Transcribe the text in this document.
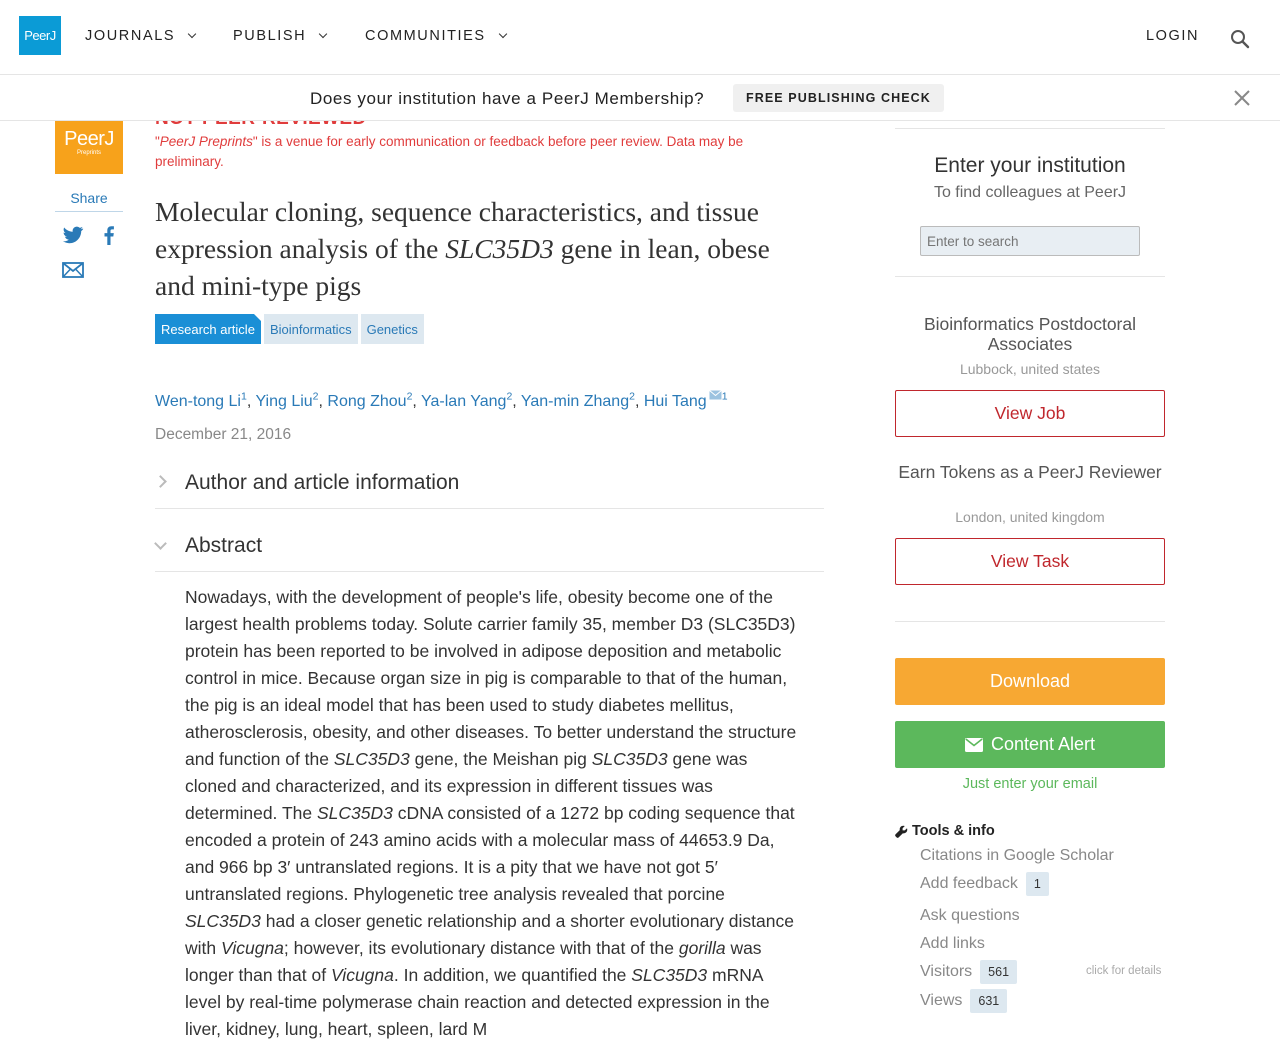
PeerJ	JOURNALS	PUBLISH	COMMUNITIES	LOGIN
Does your institution have a PeerJ Membership?	FREE PUBLISHING CHECK
PeerJ
Preprints
Share
"PeerJ Preprints" is a venue for early communication or feedback before peer review. Data may be preliminary.
Molecular cloning, sequence characteristics, and tissue expression analysis of the SLC35D3 gene in lean, obese and mini-type pigs
Research article	Bioinformatics	Genetics
Wen-tong Li$^1$, Ying Liu$^2$, Rong Zhou$^2$, Ya-lan Yang$^2$, Yan-min Zhang$^2$, Hui Tang $^1$
December 21, 2016
Author and article information
Abstract
Nowadays, with the development of people's life, obesity become one of the largest health problems today. Solute carrier family 35, member D3 (SLC35D3) protein has been reported to be involved in adipose deposition and metabolic control in mice. Because organ size in pig is comparable to that of the human, the pig is an ideal model that has been used to study diabetes mellitus, atherosclerosis, obesity, and other diseases. To better understand the structure and function of the SLC35D3 gene, the Meishan pig SLC35D3 gene was cloned and characterized, and its expression in different tissues was determined. The SLC35D3 cDNA consisted of a 1272 bp coding sequence that encoded a protein of 243 amino acids with a molecular mass of 44653.9 Da, and 966 bp 3′ untranslated regions. It is a pity that we have not got 5′ untranslated regions. Phylogenetic tree analysis revealed that porcine SLC35D3 had a closer genetic relationship and a shorter evolutionary distance with Vicugna; however, its evolutionary distance with that of the gorilla was longer than that of Vicugna. In addition, we quantified the SLC35D3 mRNA level by real-time polymerase chain reaction and detected expression in the liver, kidney, lung, heart, spleen, lard M
Enter your institution
To find colleagues at PeerJ
Enter to search
Bioinformatics Postdoctoral Associates
Lubbock, united states
View Job
Earn Tokens as a PeerJ Reviewer
London, united kingdom
View Task
Download
Content Alert
Just enter your email
Tools & info
Citations in Google Scholar
Add feedback	1
Ask questions
Add links
Visitors	561	click for details
Views	631
